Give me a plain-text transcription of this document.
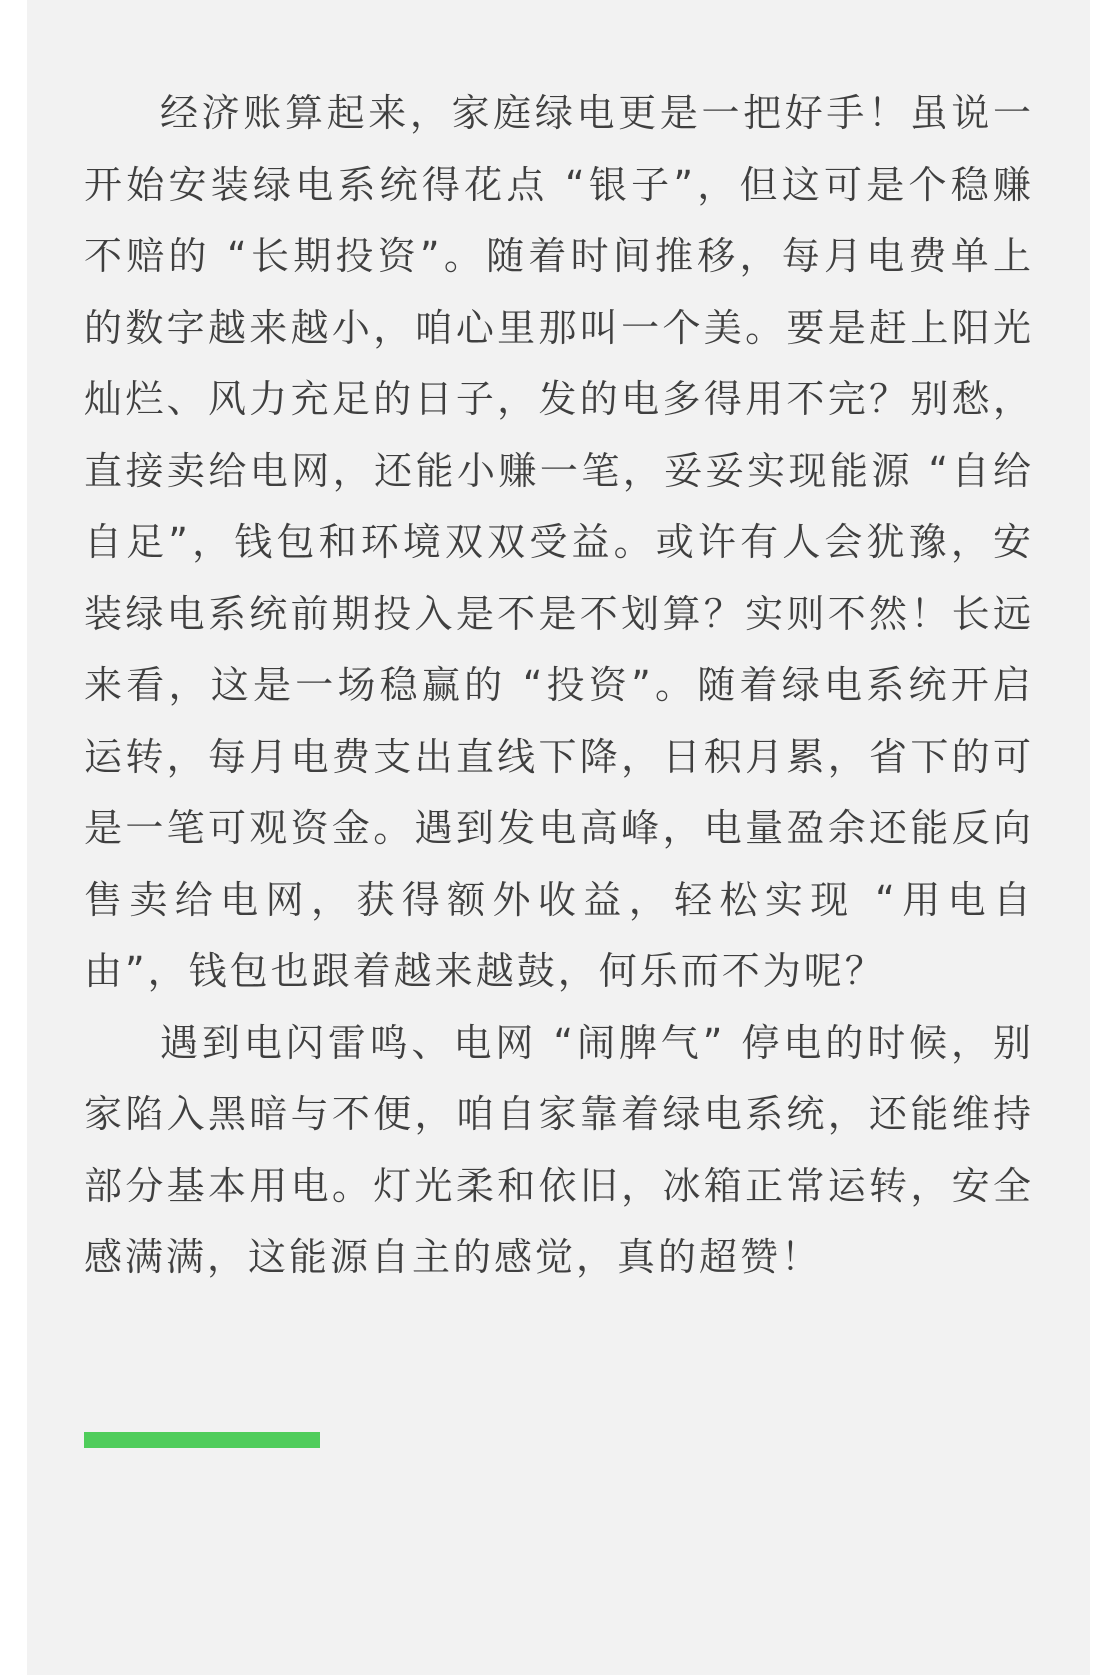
经济账算起来，家庭绿电更是一把好手！虽说一开始安装绿电系统得花点 “银子”，但这可是个稳赚不赔的 “长期投资”。随着时间推移，每月电费单上的数字越来越小，咱心里那叫一个美。要是赶上阳光灿烂、风力充足的日子，发的电多得用不完？别愁，直接卖给电网，还能小赚一笔，妥妥实现能源 “自给自足”，钱包和环境双双受益。或许有人会犹豫，安装绿电系统前期投入是不是不划算？实则不然！长远来看，这是一场稳赢的 “投资”。随着绿电系统开启运转，每月电费支出直线下降，日积月累，省下的可是一笔可观资金。遇到发电高峰，电量盈余还能反向售卖给电网，获得额外收益，轻松实现 “用电自由”，钱包也跟着越来越鼓，何乐而不为呢？

遇到电闪雷鸣、电网 “闹脾气” 停电的时候，别家陷入黑暗与不便，咱自家靠着绿电系统，还能维持部分基本用电。灯光柔和依旧，冰箱正常运转，安全感满满，这能源自主的感觉，真的超赞！
